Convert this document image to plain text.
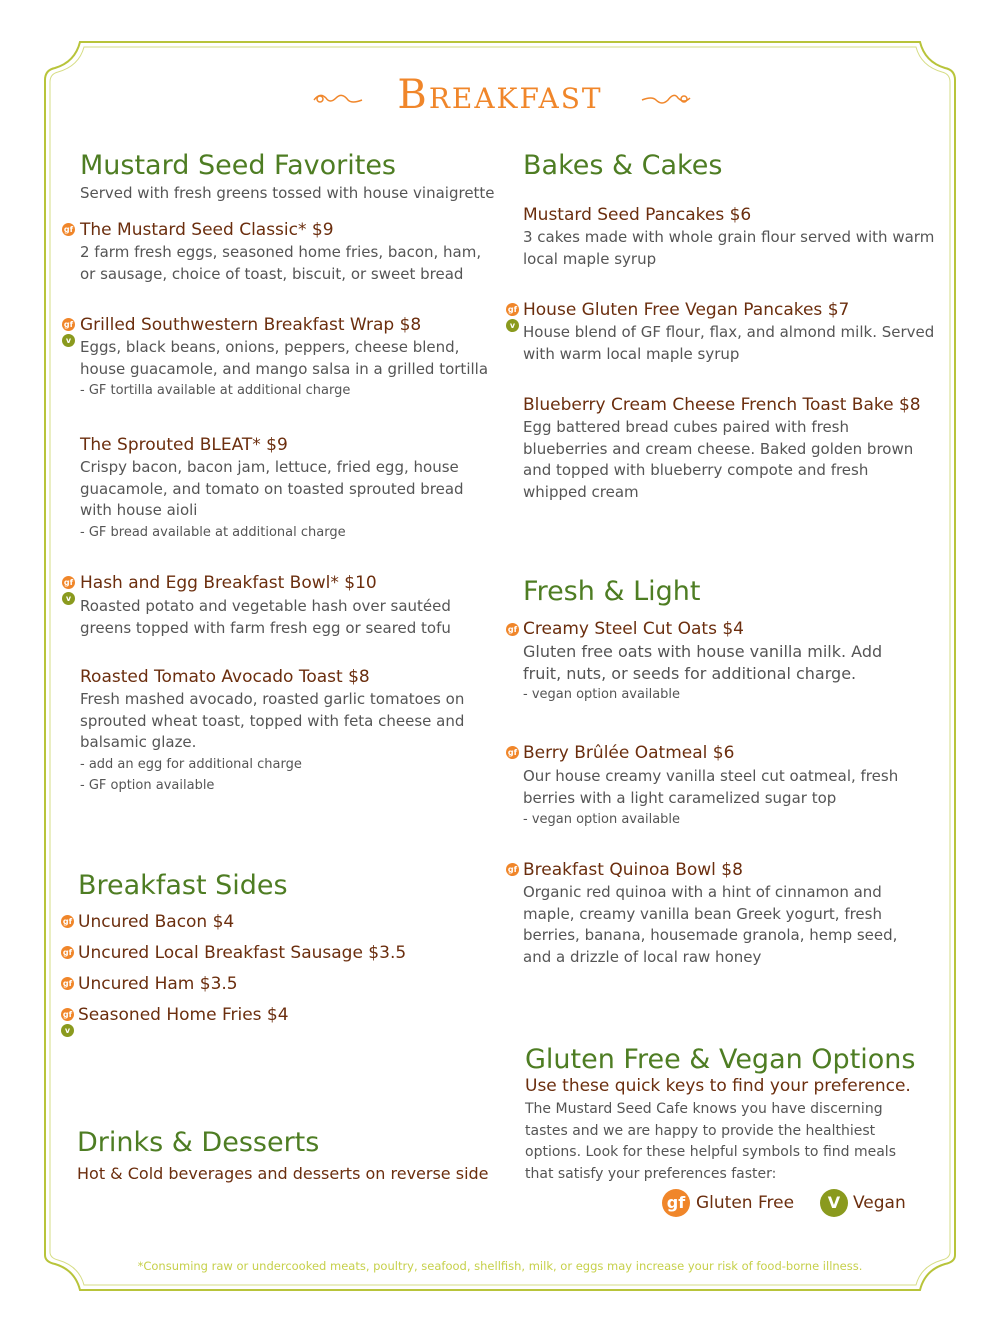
Breakfast
Mustard Seed Favorites
Served with fresh greens tossed with house vinaigrette
gf The Mustard Seed Classic* $9
2 farm fresh eggs, seasoned home fries, bacon, ham,
or sausage, choice of toast, biscuit, or sweet bread
gf
v
Grilled Southwestern Breakfast Wrap $8
Eggs, black beans, onions, peppers, cheese blend,
house guacamole, and mango salsa in a grilled tortilla
- GF tortilla available at additional charge
The Sprouted BLEAT* $9
Crispy bacon, bacon jam, lettuce, fried egg, house
guacamole, and tomato on toasted sprouted bread
with house aioli
- GF bread available at additional charge
gf
v
Hash and Egg Breakfast Bowl* $10
Roasted potato and vegetable hash over sautéed
greens topped with farm fresh egg or seared tofu
Roasted Tomato Avocado Toast $8
Fresh mashed avocado, roasted garlic tomatoes on
sprouted wheat toast, topped with feta cheese and
balsamic glaze.
- add an egg for additional charge
- GF option available
Breakfast Sides
gf Uncured Bacon $4
gf Uncured Local Breakfast Sausage $3.5
gf Uncured Ham $3.5
gf
v
Seasoned Home Fries $4
Drinks & Desserts
Hot & Cold beverages and desserts on reverse side
Bakes & Cakes
Mustard Seed Pancakes $6
3 cakes made with whole grain flour served with warm
local maple syrup
gf
v
House Gluten Free Vegan Pancakes $7
House blend of GF flour, flax, and almond milk. Served
with warm local maple syrup
Blueberry Cream Cheese French Toast Bake $8
Egg battered bread cubes paired with fresh
blueberries and cream cheese. Baked golden brown
and topped with blueberry compote and fresh
whipped cream
Fresh & Light
gf Creamy Steel Cut Oats $4
Gluten free oats with house vanilla milk. Add
fruit, nuts, or seeds for additional charge.
- vegan option available
gf Berry Brûlée Oatmeal $6
Our house creamy vanilla steel cut oatmeal, fresh
berries with a light caramelized sugar top
- vegan option available
gf Breakfast Quinoa Bowl $8
Organic red quinoa with a hint of cinnamon and
maple, creamy vanilla bean Greek yogurt, fresh
berries, banana, housemade granola, hemp seed,
and a drizzle of local raw honey
Gluten Free & Vegan Options
Use these quick keys to find your preference.
The Mustard Seed Cafe knows you have discerning
tastes and we are happy to provide the healthiest
options. Look for these helpful symbols to find meals
that satisfy your preferences faster:
gf Gluten Free	V Vegan
*Consuming raw or undercooked meats, poultry, seafood, shellfish, milk, or eggs may increase your risk of food-borne illness.
